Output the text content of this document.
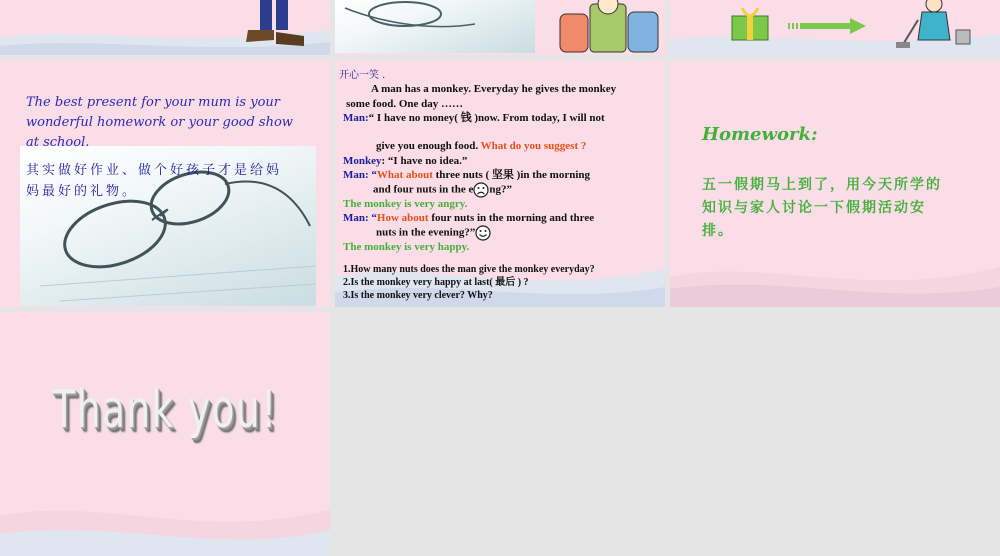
The best present for your mum is your wonderful homework or your good show at school.
其实做好作业、做个好孩子才是给妈妈最好的礼物。
开心一笑 .
A man has a monkey. Everyday he gives the monkey
some food. One day ……
Man:“ I have no money( 钱 )now. From today, I will not
give you enough food. What do you suggest ?
Monkey: “I have no idea.”
Man: “What about three nuts ( 坚果 )in the morning
and four nuts in the e ng?”
The monkey is very angry.
Man: “How about four nuts in the morning and three
nuts in the evening?”
The monkey is very happy.
1.How many nuts does the man give the monkey everyday?
2.Is the monkey very happy at last( 最后 ) ?
3.Is the monkey very clever? Why?
Homework:
五一假期马上到了，用今天所学的知识与家人讨论一下假期活动安排。
Thank you!
